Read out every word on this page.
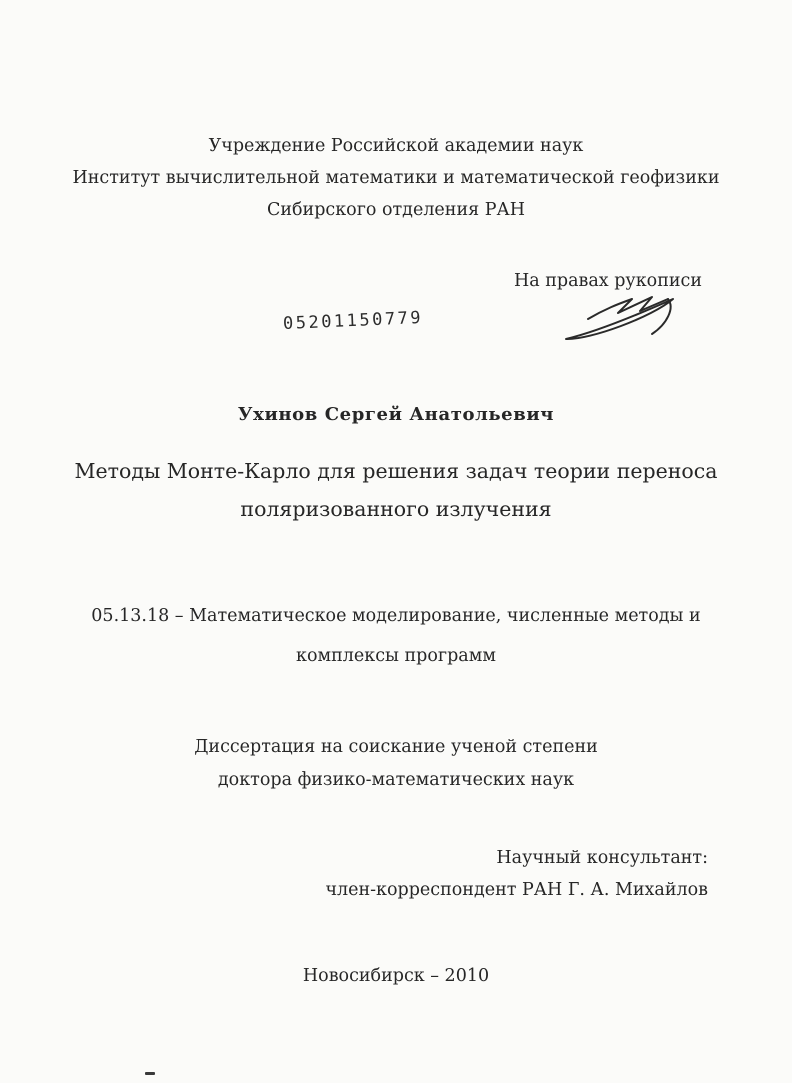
Учреждение Российской академии наук
Институт вычислительной математики и математической геофизики
Сибирского отделения РАН
На правах рукописи
05201150779
Ухинов Сергей Анатольевич
Методы Монте-Карло для решения задач теории переноса
поляризованного излучения
05.13.18 – Математическое моделирование, численные методы и
комплексы программ
Диссертация на соискание ученой степени
доктора физико-математических наук
Научный консультант:
член-корреспондент РАН Г. А. Михайлов
Новосибирск – 2010
